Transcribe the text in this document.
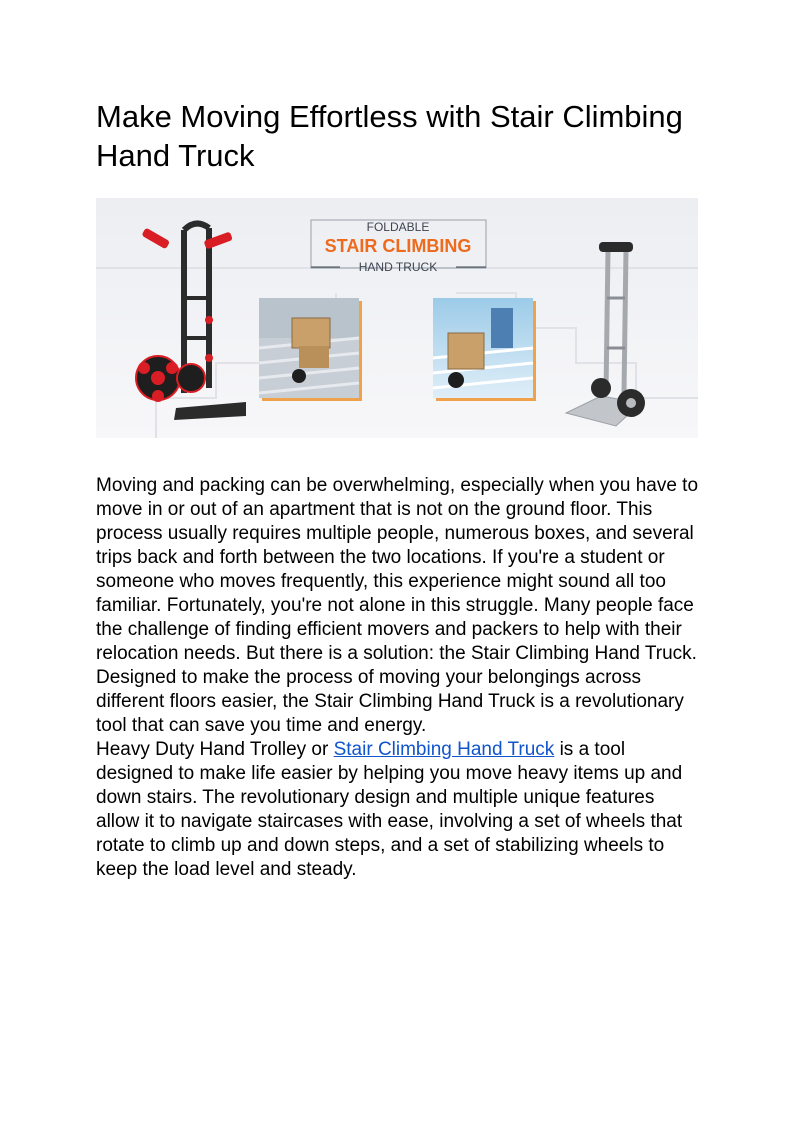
Make Moving Effortless with Stair Climbing Hand Truck
FOLDABLE
STAIR CLIMBING
HAND TRUCK

Moving and packing can be overwhelming, especially when you have to move in or out of an apartment that is not on the ground floor. This process usually requires multiple people, numerous boxes, and several trips back and forth between the two locations. If you're a student or someone who moves frequently, this experience might sound all too familiar. Fortunately, you're not alone in this struggle. Many people face the challenge of finding efficient movers and packers to help with their relocation needs. But there is a solution: the Stair Climbing Hand Truck.

Designed to make the process of moving your belongings across different floors easier, the Stair Climbing Hand Truck is a revolutionary tool that can save you time and energy.

Heavy Duty Hand Trolley or Stair Climbing Hand Truck is a tool designed to make life easier by helping you move heavy items up and down stairs. The revolutionary design and multiple unique features allow it to navigate staircases with ease, involving a set of wheels that rotate to climb up and down steps, and a set of stabilizing wheels to keep the load level and steady.
